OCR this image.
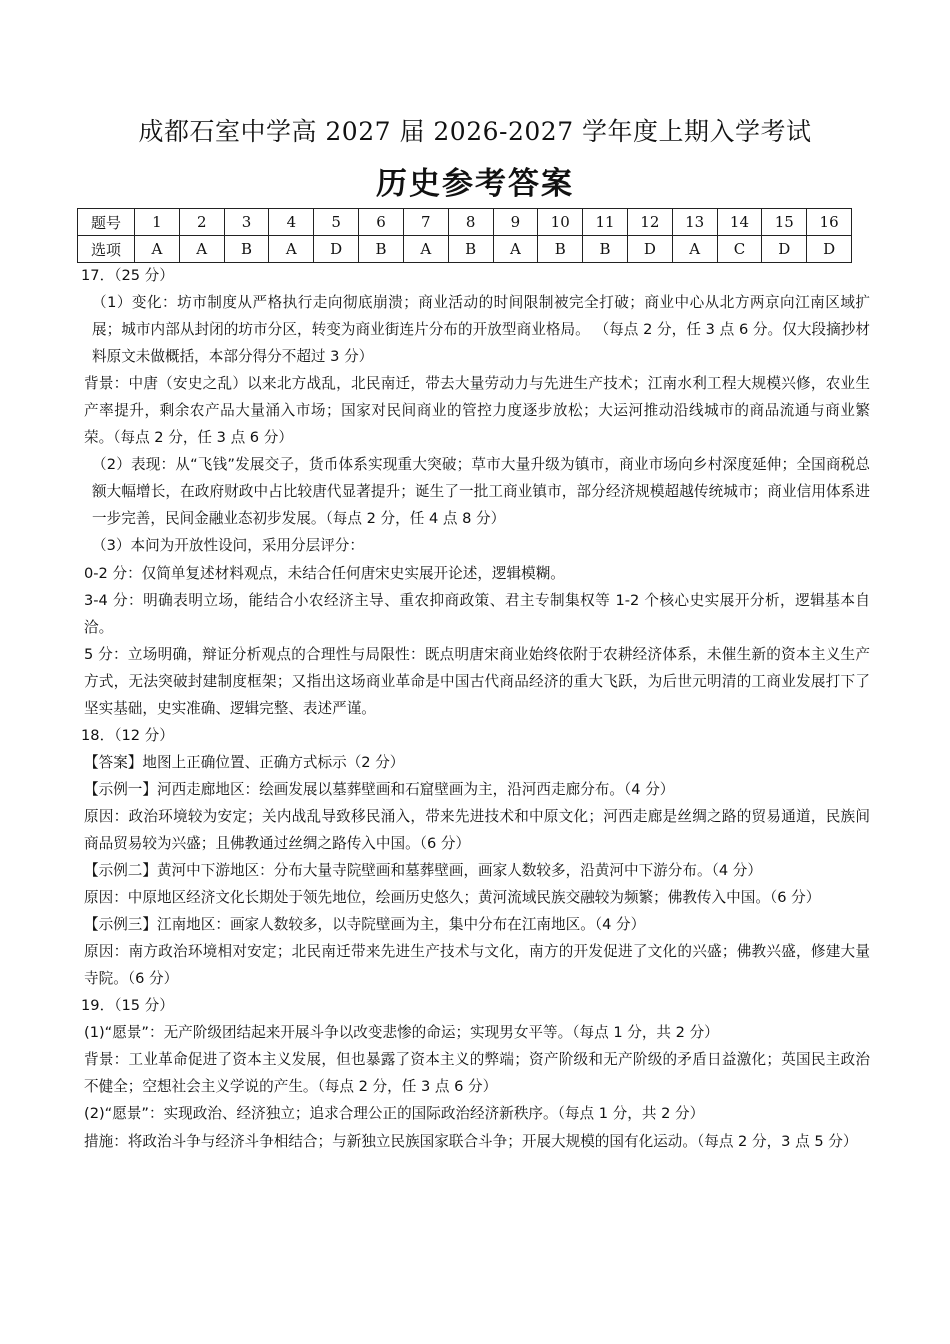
成都石室中学高 2027 届 2026-2027 学年度上期入学考试
历史参考答案
题号	1	2	3	4	5	6	7	8	9	10	11	12	13	14	15	16
选项	A	A	B	A	D	B	A	B	A	B	B	D	A	C	D	D

17．（25 分）

（1）变化：坊市制度从严格执行走向彻底崩溃；商业活动的时间限制被完全打破；商业中心从北方两京向江南区域扩展；城市内部从封闭的坊市分区，转变为商业街连片分布的开放型商业格局。 （每点 2 分，任 3 点 6 分。仅大段摘抄材料原文未做概括，本部分得分不超过 3 分）

背景：中唐（安史之乱）以来北方战乱，北民南迁，带去大量劳动力与先进生产技术；江南水利工程大规模兴修，农业生产率提升，剩余农产品大量涌入市场；国家对民间商业的管控力度逐步放松；大运河推动沿线城市的商品流通与商业繁荣。（每点 2 分，任 3 点 6 分）

（2）表现：从“飞钱”发展交子，货币体系实现重大突破；草市大量升级为镇市，商业市场向乡村深度延伸；全国商税总额大幅增长，在政府财政中占比较唐代显著提升；诞生了一批工商业镇市，部分经济规模超越传统城市；商业信用体系进一步完善，民间金融业态初步发展。（每点 2 分，任 4 点 8 分）

（3）本问为开放性设问，采用分层评分：

0-2 分：仅简单复述材料观点，未结合任何唐宋史实展开论述，逻辑模糊。

3-4 分：明确表明立场，能结合小农经济主导、重农抑商政策、君主专制集权等 1-2 个核心史实展开分析，逻辑基本自洽。

5 分：立场明确，辩证分析观点的合理性与局限性：既点明唐宋商业始终依附于农耕经济体系，未催生新的资本主义生产方式，无法突破封建制度框架；又指出这场商业革命是中国古代商品经济的重大飞跃，为后世元明清的工商业发展打下了坚实基础，史实准确、逻辑完整、表述严谨。

18．（12 分）

【答案】地图上正确位置、正确方式标示（2 分）

【示例一】河西走廊地区：绘画发展以墓葬壁画和石窟壁画为主，沿河西走廊分布。（4 分）

原因：政治环境较为安定；关内战乱导致移民涌入，带来先进技术和中原文化；河西走廊是丝绸之路的贸易通道，民族间商品贸易较为兴盛；且佛教通过丝绸之路传入中国。（6 分）

【示例二】黄河中下游地区：分布大量寺院壁画和墓葬壁画，画家人数较多，沿黄河中下游分布。（4 分）

原因：中原地区经济文化长期处于领先地位，绘画历史悠久；黄河流域民族交融较为频繁；佛教传入中国。（6 分）

【示例三】江南地区：画家人数较多，以寺院壁画为主，集中分布在江南地区。（4 分）

原因：南方政治环境相对安定；北民南迁带来先进生产技术与文化，南方的开发促进了文化的兴盛；佛教兴盛，修建大量寺院。（6 分）

19．（15 分）

(1)“愿景”：无产阶级团结起来开展斗争以改变悲惨的命运；实现男女平等。（每点 1 分，共 2 分）

背景：工业革命促进了资本主义发展，但也暴露了资本主义的弊端；资产阶级和无产阶级的矛盾日益激化；英国民主政治不健全；空想社会主义学说的产生。（每点 2 分，任 3 点 6 分）

(2)“愿景”：实现政治、经济独立；追求合理公正的国际政治经济新秩序。（每点 1 分，共 2 分）

措施：将政治斗争与经济斗争相结合；与新独立民族国家联合斗争；开展大规模的国有化运动。（每点 2 分，3 点 5 分）
